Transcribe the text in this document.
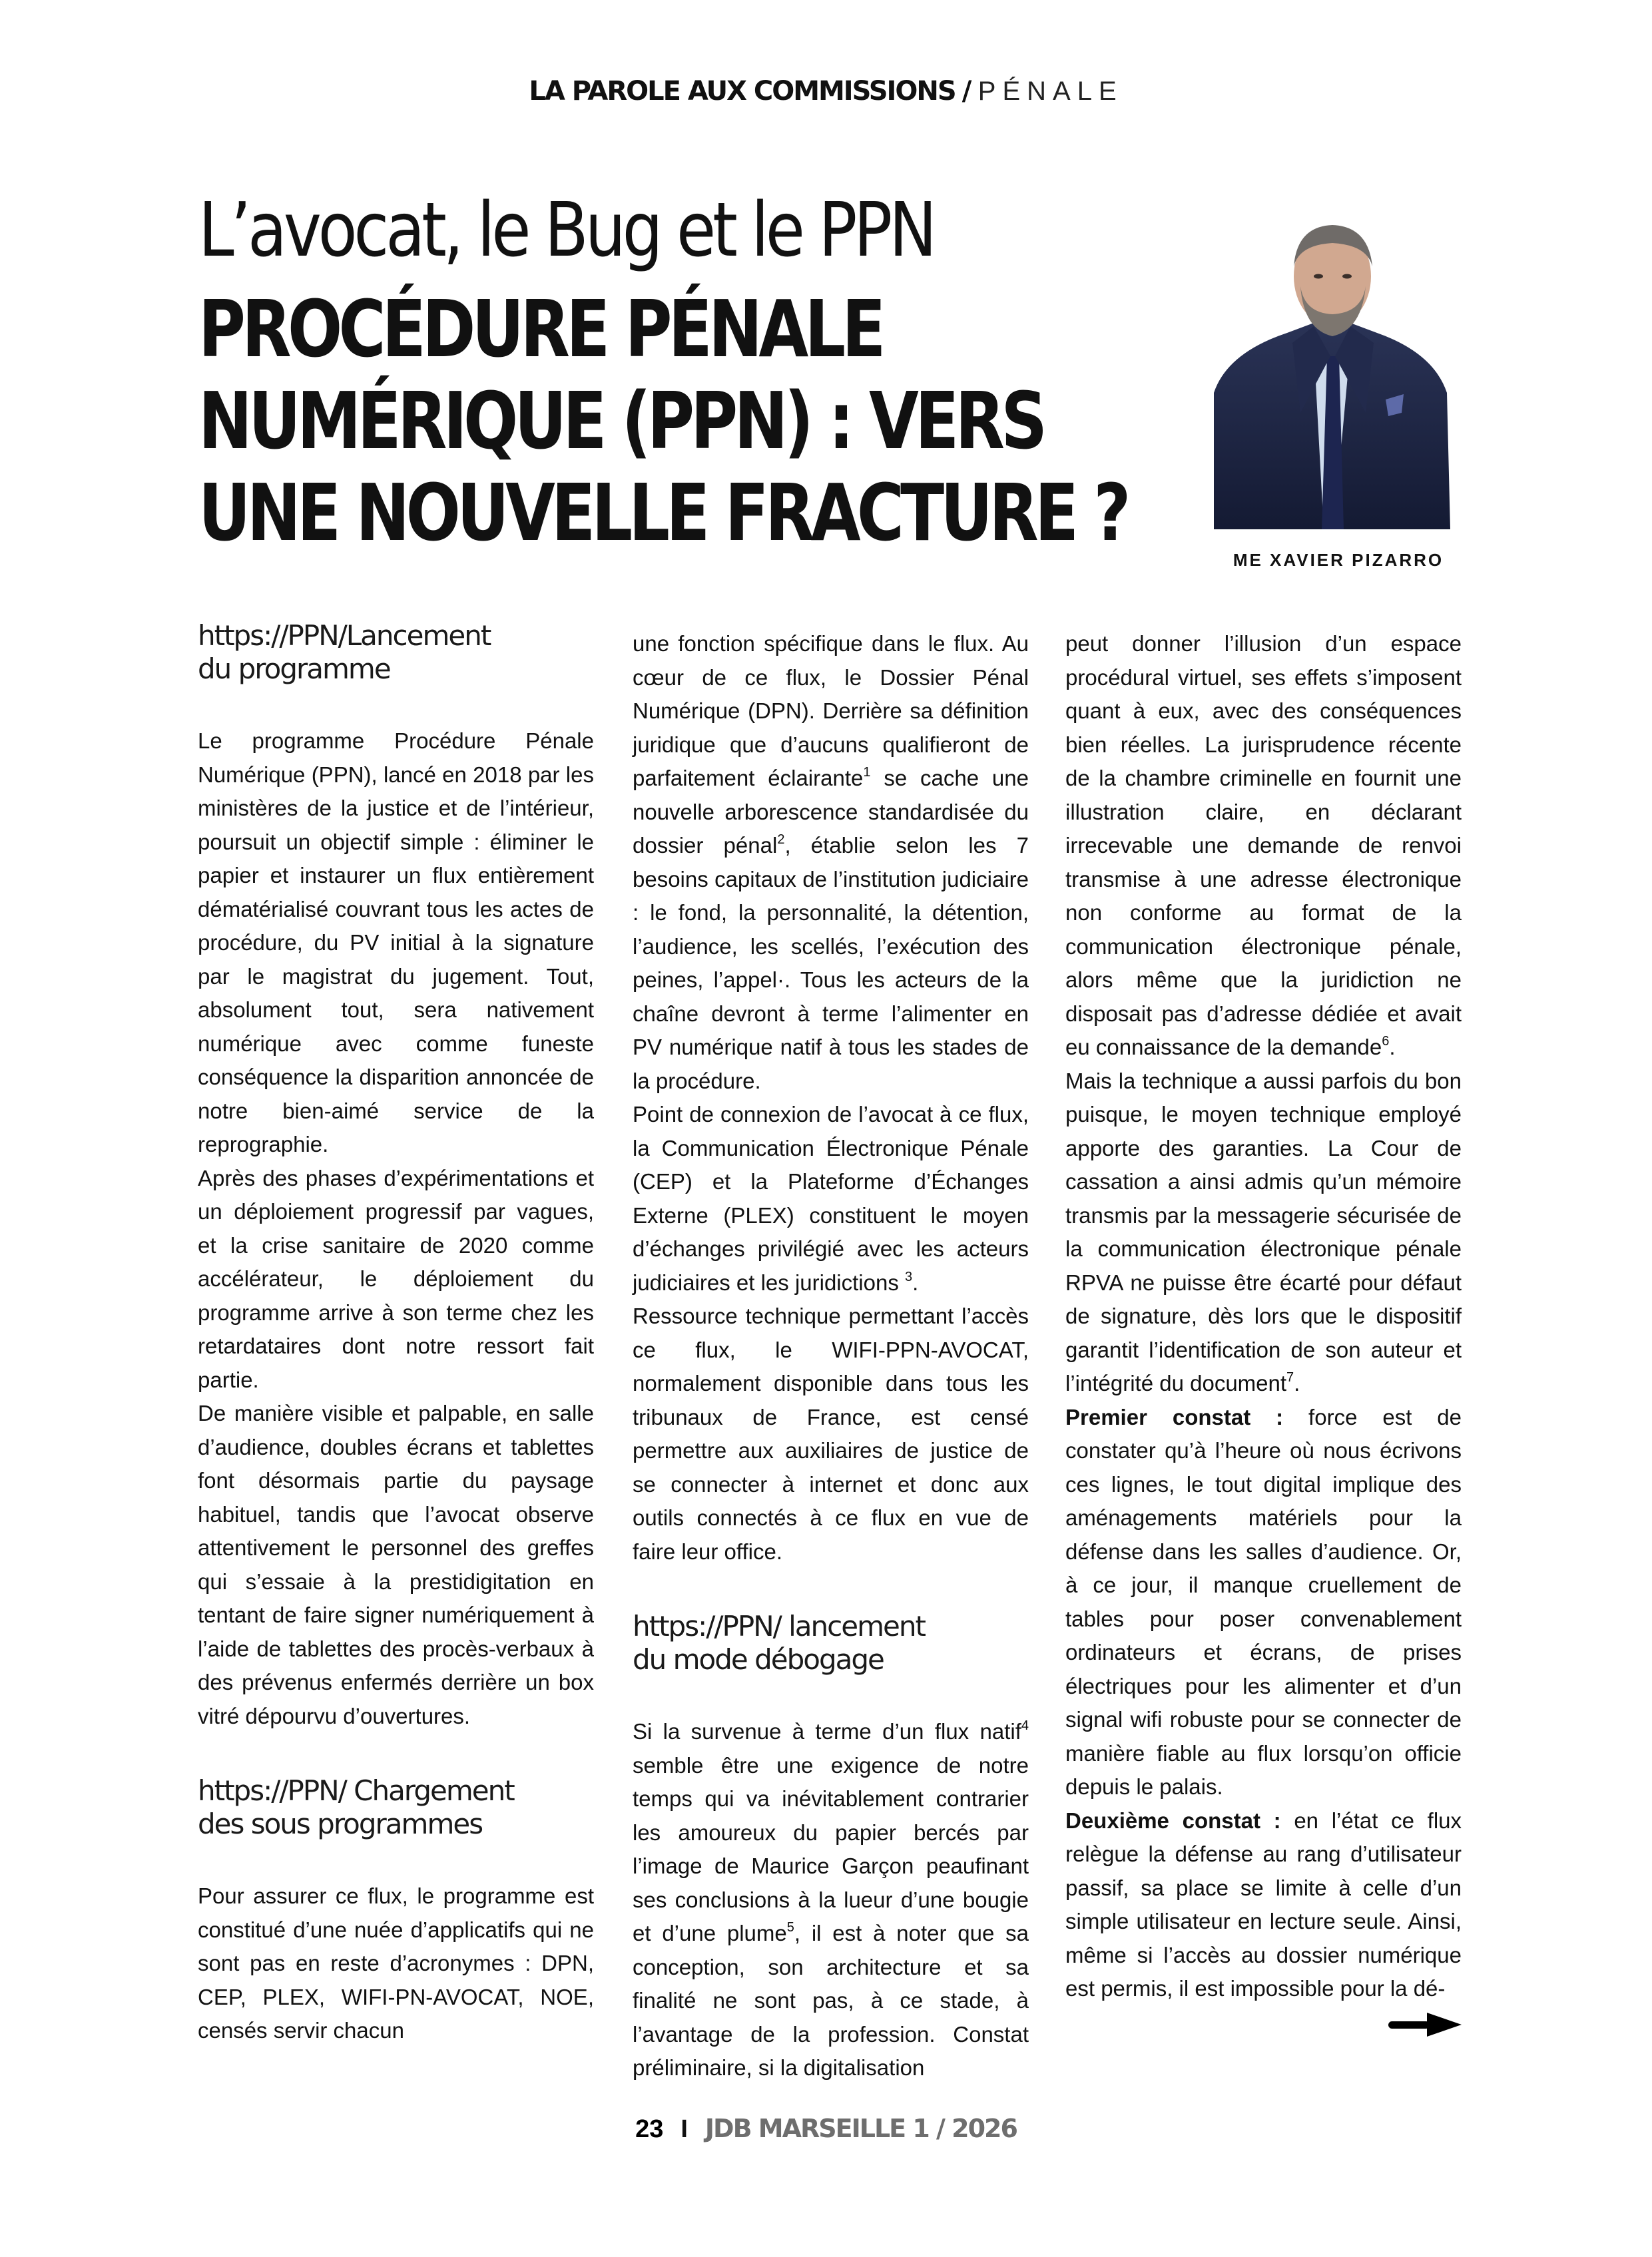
LA PAROLE AUX COMMISSIONS / PÉNALE
L’avocat, le Bug et le PPN
PROCÉDURE PÉNALE
NUMÉRIQUE (PPN) : VERS
UNE NOUVELLE FRACTURE ?
ME XAVIER PIZARRO
https://PPN/Lancement
du programme

Le programme Procédure Pénale Numérique (PPN), lancé en 2018 par les ministères de la justice et de l’intérieur, poursuit un objectif simple : éliminer le papier et instaurer un flux entièrement dématérialisé couvrant tous les actes de procédure, du PV initial à la signature par le magistrat du jugement. Tout, absolument tout, sera nativement numérique avec comme funeste conséquence la disparition annoncée de notre bien-aimé service de la reprographie.

Après des phases d’expérimentations et un déploiement progressif par vagues, et la crise sanitaire de 2020 comme accélérateur, le déploiement du programme arrive à son terme chez les retardataires dont notre ressort fait partie.

De manière visible et palpable, en salle d’audience, doubles écrans et tablettes font désormais partie du paysage habituel, tandis que l’avocat observe attentivement le personnel des greffes qui s’essaie à la prestidigitation en tentant de faire signer numériquement à l’aide de tablettes des procès-verbaux à des prévenus enfermés derrière un box vitré dépourvu d’ouvertures.

https://PPN/ Chargement
des sous programmes

Pour assurer ce flux, le programme est constitué d’une nuée d’applicatifs qui ne sont pas en reste d’acronymes : DPN, CEP, PLEX, WIFI-PN-AVOCAT, NOE, censés servir chacun

une fonction spécifique dans le flux. Au cœur de ce flux, le Dossier Pénal Numérique (DPN). Derrière sa définition juridique que d’aucuns qualifieront de parfaitement éclairante$^1$ se cache une nouvelle arborescence standardisée du dossier pénal$^2$, établie selon les 7 besoins capitaux de l’institution judiciaire : le fond, la personnalité, la détention, l’audience, les scellés, l’exécution des peines, l’appel·. Tous les acteurs de la chaîne devront à terme l’alimenter en PV numérique natif à tous les stades de la procédure.

Point de connexion de l’avocat à ce flux, la Communication Électronique Pénale (CEP) et la Plateforme d’Échanges Externe (PLEX) constituent le moyen d’échanges privilégié avec les acteurs judiciaires et les juridictions $^3$.

Ressource technique permettant l’accès ce flux, le WIFI-PPN-AVOCAT, normalement disponible dans tous les tribunaux de France, est censé permettre aux auxiliaires de justice de se connecter à internet et donc aux outils connectés à ce flux en vue de faire leur office.

https://PPN/ lancement
du mode débogage

Si la survenue à terme d’un flux natif$^4$ semble être une exigence de notre temps qui va inévitablement contrarier les amoureux du papier bercés par l’image de Maurice Garçon peaufinant ses conclusions à la lueur d’une bougie et d’une plume$^5$, il est à noter que sa conception, son architecture et sa finalité ne sont pas, à ce stade, à l’avantage de la profession. Constat préliminaire, si la digitalisation

peut donner l’illusion d’un espace procédural virtuel, ses effets s’imposent quant à eux, avec des conséquences bien réelles. La jurisprudence récente de la chambre criminelle en fournit une illustration claire, en déclarant irrecevable une demande de renvoi transmise à une adresse électronique non conforme au format de la communication électronique pénale, alors même que la juridiction ne disposait pas d’adresse dédiée et avait eu connaissance de la demande$^6$.

Mais la technique a aussi parfois du bon puisque, le moyen technique employé apporte des garanties. La Cour de cassation a ainsi admis qu’un mémoire transmis par la messagerie sécurisée de la communication électronique pénale RPVA ne puisse être écarté pour défaut de signature, dès lors que le dispositif garantit l’identification de son auteur et l’intégrité du document$^7$.

Premier constat : force est de constater qu’à l’heure où nous écrivons ces lignes, le tout digital implique des aménagements matériels pour la défense dans les salles d’audience. Or, à ce jour, il manque cruellement de tables pour poser convenablement ordinateurs et écrans, de prises électriques pour les alimenter et d’un signal wifi robuste pour se connecter de manière fiable au flux lorsqu’on officie depuis le palais.

Deuxième constat : en l’état ce flux relègue la défense au rang d’utilisateur passif, sa place se limite à celle d’un simple utilisateur en lecture seule. Ainsi, même si l’accès au dossier numérique est permis, il est impossible pour la dé-

23 I JDB MARSEILLE 1 / 2026
